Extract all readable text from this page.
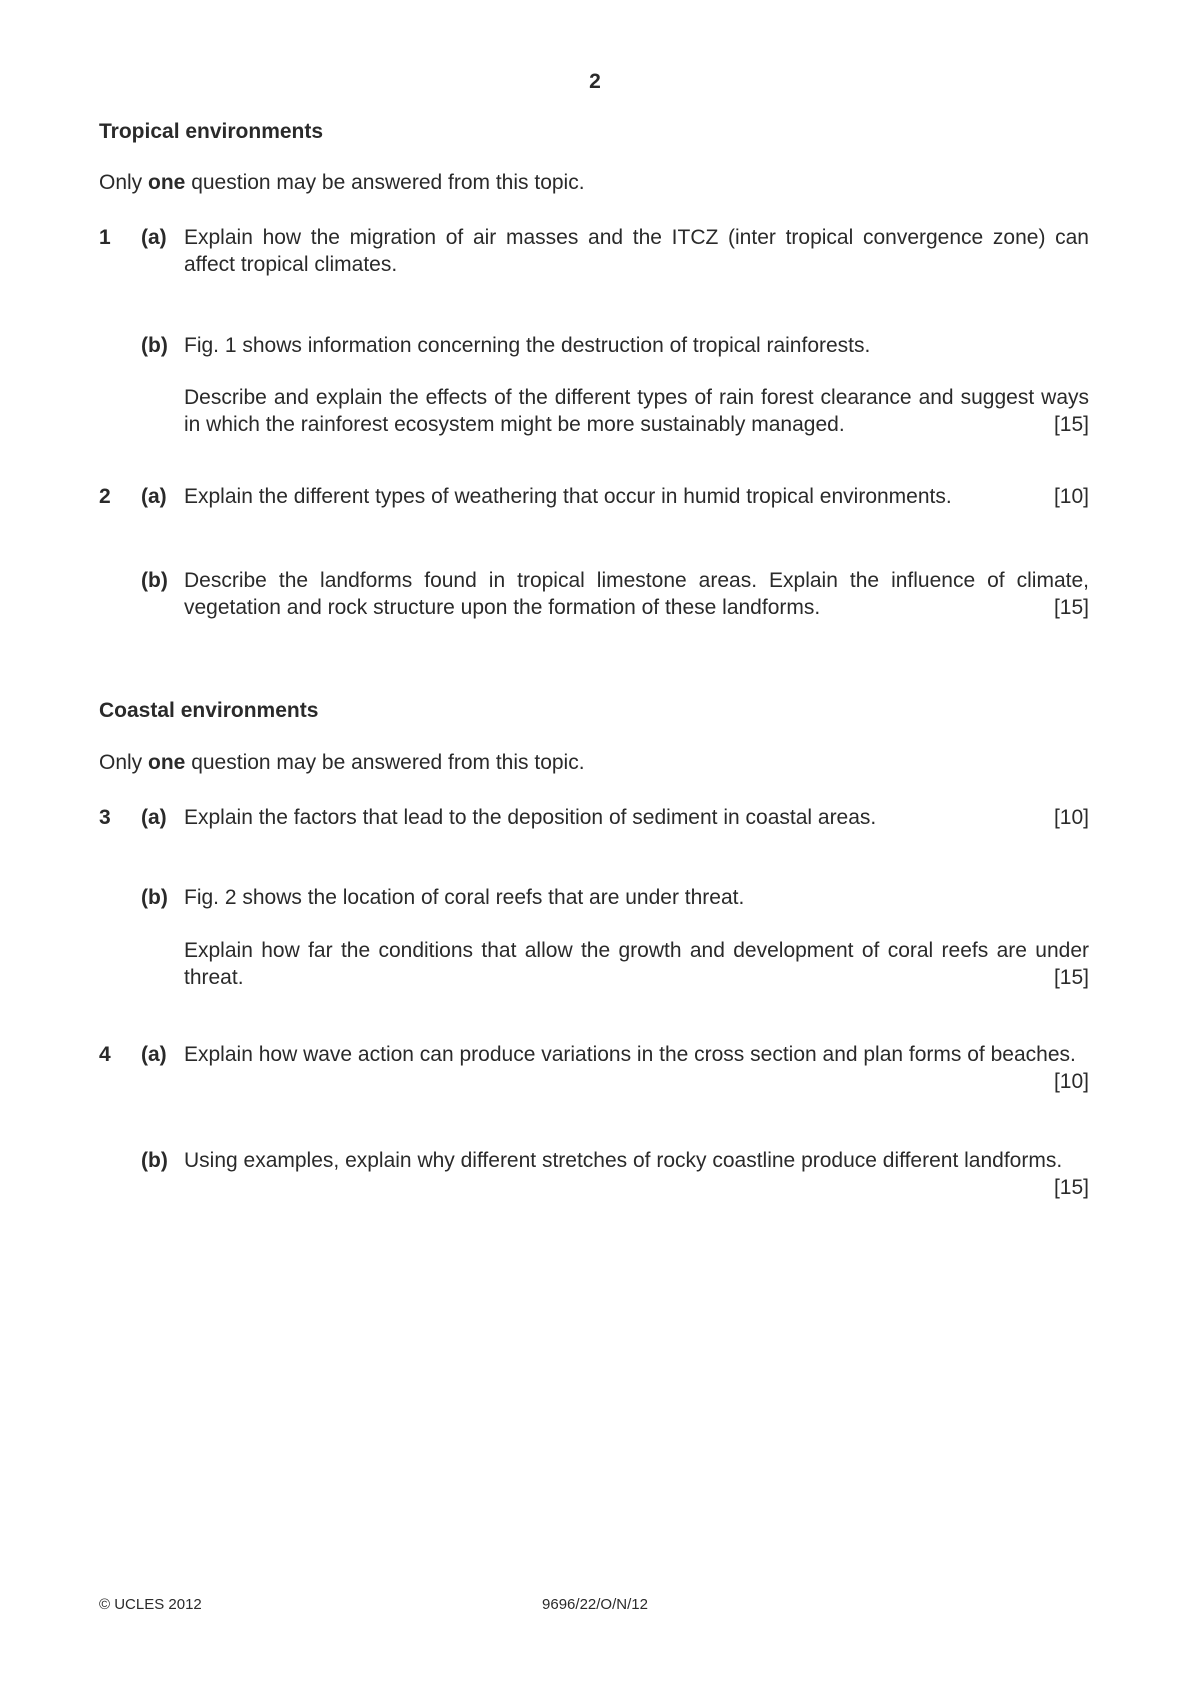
2
Tropical environments
Only one question may be answered from this topic.
1 (a) Explain how the migration of air masses and the ITCZ (inter tropical convergence zone) can affect tropical climates.
(b) Fig. 1 shows information concerning the destruction of tropical rainforests.
Describe and explain the effects of the different types of rain forest clearance and suggest ways in which the rainforest ecosystem might be more sustainably managed.	[15]
2 (a) Explain the different types of weathering that occur in humid tropical environments.	[10]
(b) Describe the landforms found in tropical limestone areas. Explain the influence of climate, vegetation and rock structure upon the formation of these landforms.	[15]
Coastal environments
Only one question may be answered from this topic.
3 (a) Explain the factors that lead to the deposition of sediment in coastal areas.	[10]
(b) Fig. 2 shows the location of coral reefs that are under threat.
Explain how far the conditions that allow the growth and development of coral reefs are under threat.	[15]
4 (a) Explain how wave action can produce variations in the cross section and plan forms of beaches.
[10]
(b) Using examples, explain why different stretches of rocky coastline produce different landforms.
[15]
© UCLES 2012	9696/22/O/N/12
